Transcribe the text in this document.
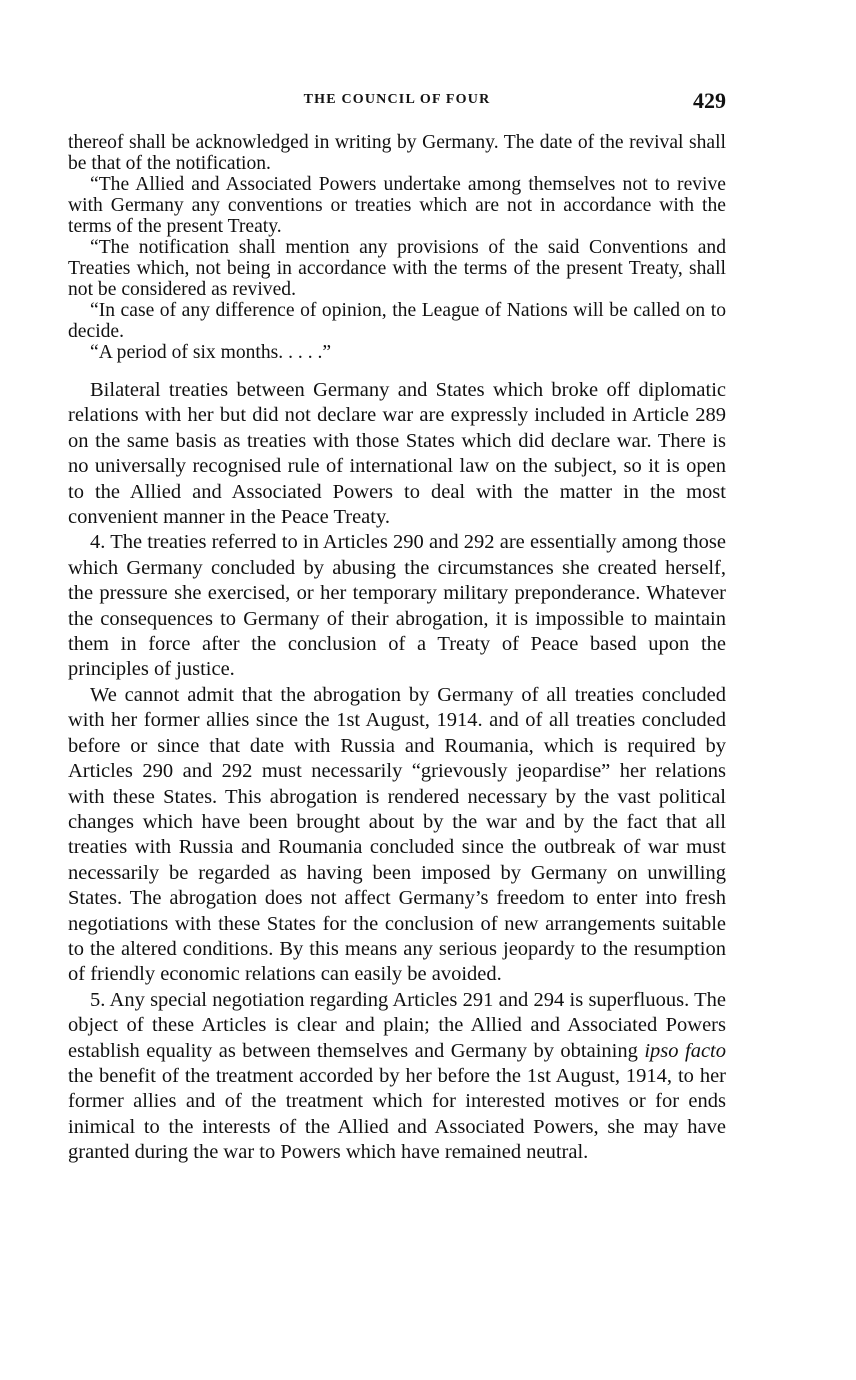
THE COUNCIL OF FOUR	429

thereof shall be acknowledged in writing by Germany. The date of the revival shall be that of the notification.

“The Allied and Associated Powers undertake among themselves not to revive with Germany any conventions or treaties which are not in accordance with the terms of the present Treaty.

“The notification shall mention any provisions of the said Conventions and Treaties which, not being in accordance with the terms of the present Treaty, shall not be considered as revived.

“In case of any difference of opinion, the League of Nations will be called on to decide.

“A period of six months. . . . .”

Bilateral treaties between Germany and States which broke off diplomatic relations with her but did not declare war are expressly included in Article 289 on the same basis as treaties with those States which did declare war. There is no universally recognised rule of international law on the subject, so it is open to the Allied and Associated Powers to deal with the matter in the most convenient manner in the Peace Treaty.

4. The treaties referred to in Articles 290 and 292 are essentially among those which Germany concluded by abusing the circumstances she created herself, the pressure she exercised, or her temporary military preponderance. Whatever the consequences to Germany of their abrogation, it is impossible to maintain them in force after the conclusion of a Treaty of Peace based upon the principles of justice.

We cannot admit that the abrogation by Germany of all treaties concluded with her former allies since the 1st August, 1914. and of all treaties concluded before or since that date with Russia and Roumania, which is required by Articles 290 and 292 must necessarily “grievously jeopardise” her relations with these States. This abrogation is rendered necessary by the vast political changes which have been brought about by the war and by the fact that all treaties with Russia and Roumania concluded since the outbreak of war must necessarily be regarded as having been imposed by Germany on unwilling States. The abrogation does not affect Germany’s freedom to enter into fresh negotiations with these States for the conclusion of new arrangements suitable to the altered conditions. By this means any serious jeopardy to the resumption of friendly economic relations can easily be avoided.

5. Any special negotiation regarding Articles 291 and 294 is superfluous. The object of these Articles is clear and plain; the Allied and Associated Powers establish equality as between themselves and Germany by obtaining ipso facto the benefit of the treatment accorded by her before the 1st August, 1914, to her former allies and of the treatment which for interested motives or for ends inimical to the interests of the Allied and Associated Powers, she may have granted during the war to Powers which have remained neutral.
